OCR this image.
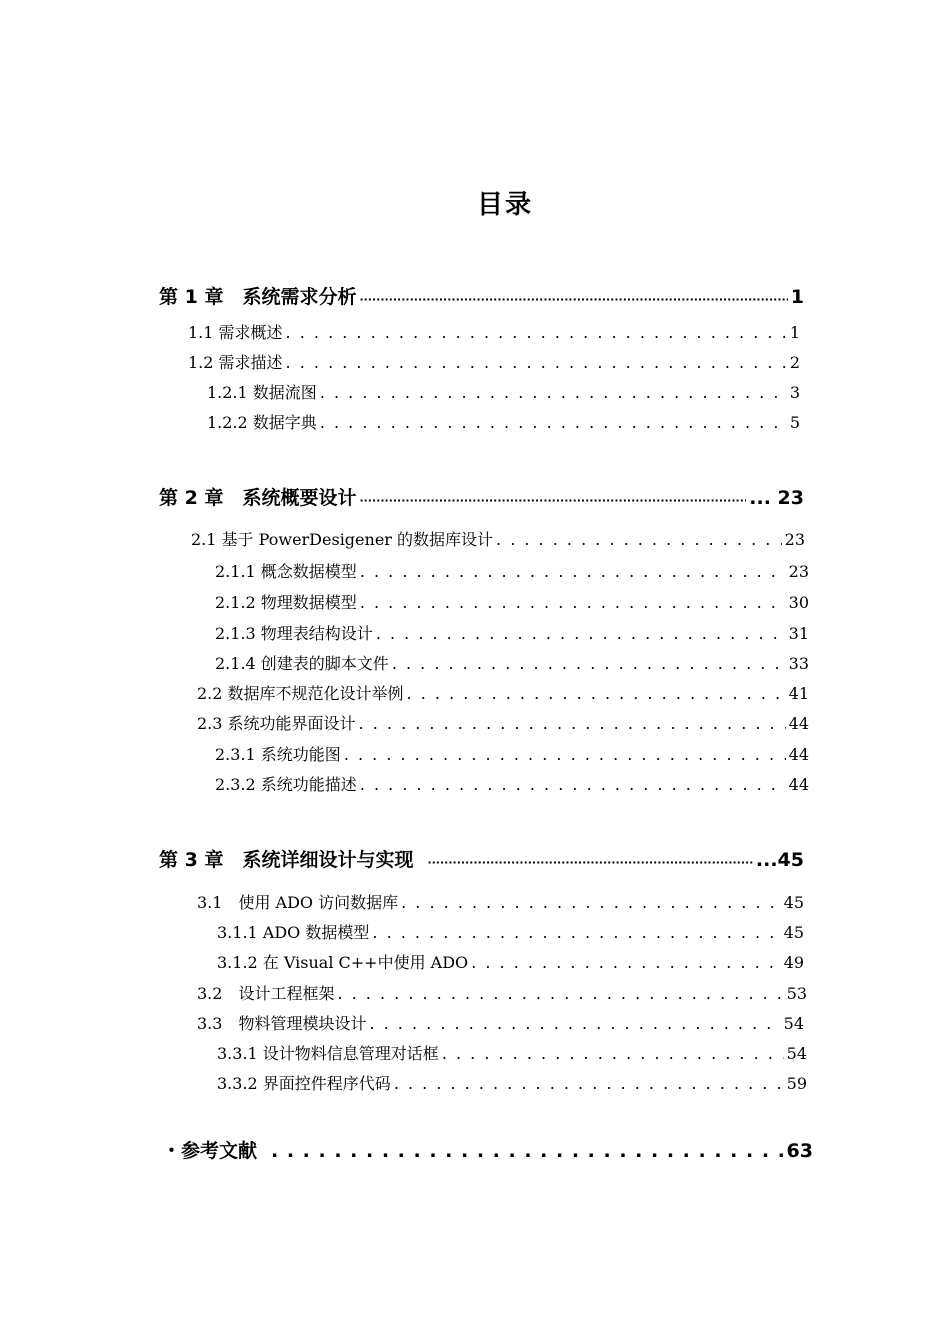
目录
第 1 章　系统需求分析 ·····	1
1.1 需求概述 . . .	1
1.2 需求描述 . . .	2
1.2.1 数据流图 . . .	3
1.2.2 数据字典 . . .	5
第 2 章　系统概要设计 ·····	... 23
2.1 基于 PowerDesigener 的数据库设计 . . .	23
2.1.1 概念数据模型 . . .	23
2.1.2 物理数据模型 . . .	30
2.1.3 物理表结构设计 . . .	31
2.1.4 创建表的脚本文件 . . .	33
2.2 数据库不规范化设计举例 . . .	41
2.3 系统功能界面设计 . . .	44
2.3.1 系统功能图 . . .	44
2.3.2 系统功能描述 . . .	44
第 3 章　系统详细设计与实现 ·····	...45
3.1　使用 ADO 访问数据库 . . .	45
3.1.1 ADO 数据模型 . . .	45
3.1.2 在 Visual C++中使用 ADO . . .	49
3.2　设计工程框架 . . .	53
3.3　物料管理模块设计 . . .	54
3.3.1 设计物料信息管理对话框 . . .	54
3.3.2 界面控件程序代码 . . .	59
・参考文献 . . .	63
